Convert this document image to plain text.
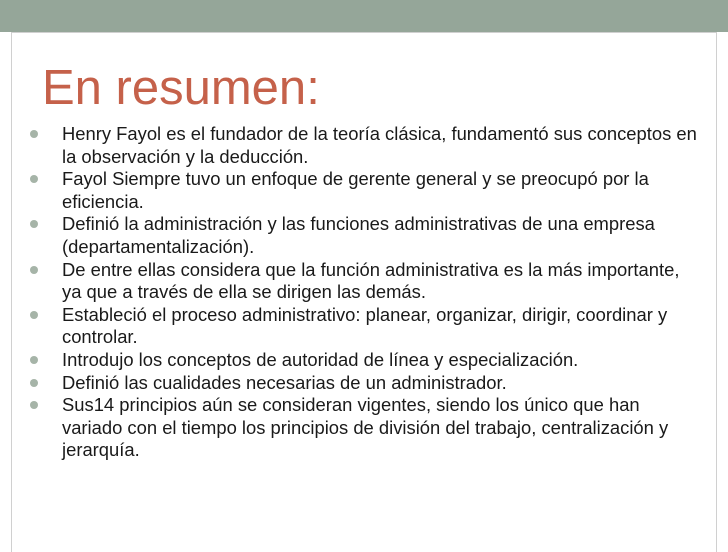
En resumen:
Henry Fayol es el fundador de la teoría clásica, fundamentó sus conceptos en la observación y la deducción.
Fayol Siempre tuvo un enfoque de gerente general y se preocupó por la eficiencia.
Definió la administración y las funciones administrativas de una empresa (departamentalización).
De entre ellas considera que la función administrativa es la más importante, ya que a través de ella se dirigen las demás.
Estableció el proceso administrativo: planear, organizar, dirigir, coordinar y controlar.
Introdujo los conceptos de autoridad de línea y especialización.
Definió las cualidades necesarias de un administrador.
Sus14 principios aún se consideran vigentes, siendo los único que han variado con el tiempo los principios de división del trabajo, centralización y jerarquía.
